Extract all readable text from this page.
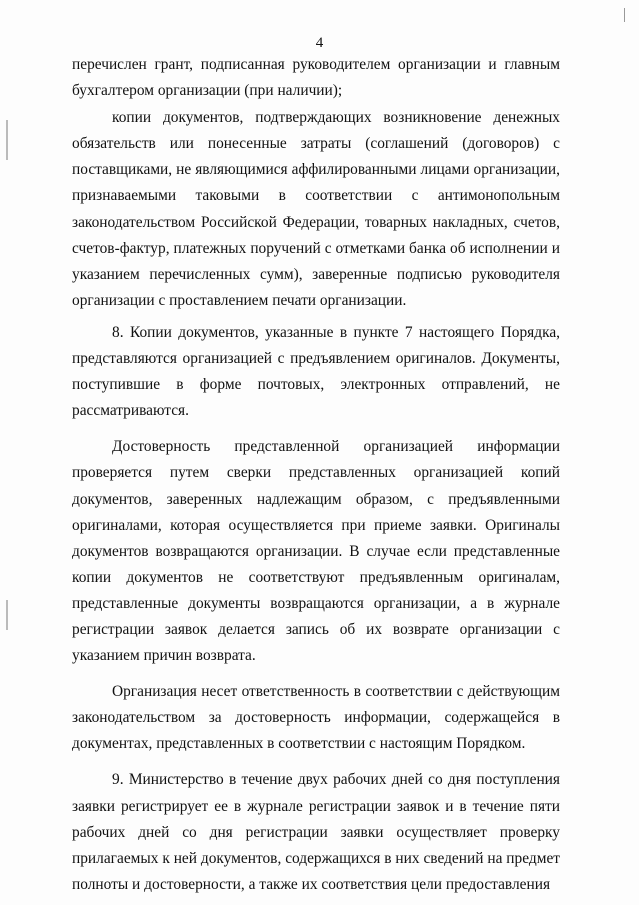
4

перечислен грант, подписанная руководителем организации и главным бухгалтером организации (при наличии);

копии документов, подтверждающих возникновение денежных обязательств или понесенные затраты (соглашений (договоров) с поставщиками, не являющимися аффилированными лицами организации, признаваемыми таковыми в соответствии с антимонопольным законодательством Российской Федерации, товарных накладных, счетов, счетов-фактур, платежных поручений с отметками банка об исполнении и указанием перечисленных сумм), заверенные подписью руководителя организации с проставлением печати организации.

8. Копии документов, указанные в пункте 7 настоящего Порядка, представляются организацией с предъявлением оригиналов. Документы, поступившие в форме почтовых, электронных отправлений, не рассматриваются.

Достоверность представленной организацией информации проверяется путем сверки представленных организацией копий документов, заверенных надлежащим образом, с предъявленными оригиналами, которая осуществляется при приеме заявки. Оригиналы документов возвращаются организации. В случае если представленные копии документов не соответствуют предъявленным оригиналам, представленные документы возвращаются организации, а в журнале регистрации заявок делается запись об их возврате организации с указанием причин возврата.

Организация несет ответственность в соответствии с действующим законодательством за достоверность информации, содержащейся в документах, представленных в соответствии с настоящим Порядком.

9. Министерство в течение двух рабочих дней со дня поступления заявки регистрирует ее в журнале регистрации заявок и в течение пяти рабочих дней со дня регистрации заявки осуществляет проверку прилагаемых к ней документов, содержащихся в них сведений на предмет полноты и достоверности, а также их соответствия цели предоставления
